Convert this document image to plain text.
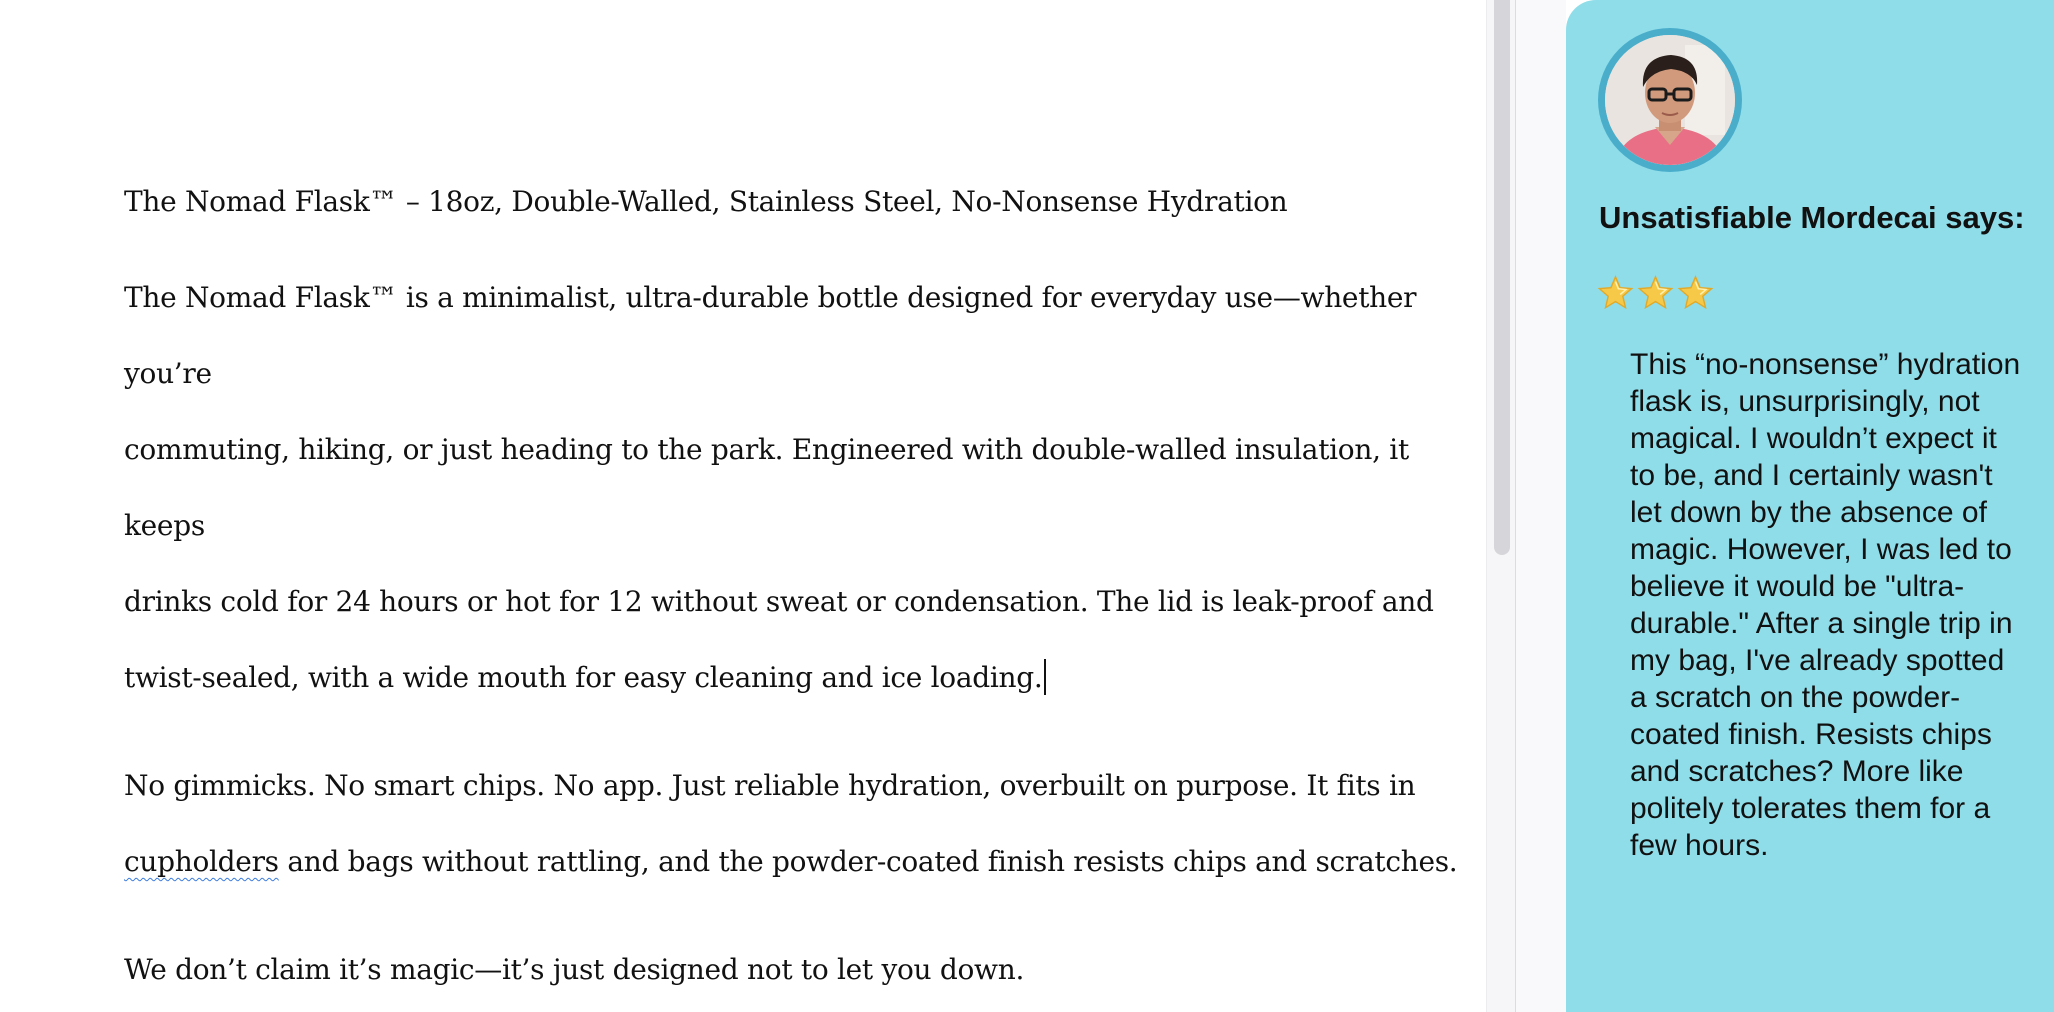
The Nomad Flask™ – 18oz, Double-Walled, Stainless Steel, No-Nonsense Hydration

The Nomad Flask™ is a minimalist, ultra-durable bottle designed for everyday use—whether you’re
commuting, hiking, or just heading to the park. Engineered with double-walled insulation, it keeps
drinks cold for 24 hours or hot for 12 without sweat or condensation. The lid is leak-proof and
twist-sealed, with a wide mouth for easy cleaning and ice loading.

No gimmicks. No smart chips. No app. Just reliable hydration, overbuilt on purpose. It fits in
cupholders and bags without rattling, and the powder-coated finish resists chips and scratches.

We don’t claim it’s magic—it’s just designed not to let you down.

Unsatisfiable Mordecai says:

This “no-nonsense” hydration flask is, unsurprisingly, not magical. I wouldn’t expect it to be, and I certainly wasn't let down by the absence of magic. However, I was led to believe it would be "ultra-durable." After a single trip in my bag, I've already spotted a scratch on the powder-coated finish. Resists chips and scratches? More like politely tolerates them for a few hours.
